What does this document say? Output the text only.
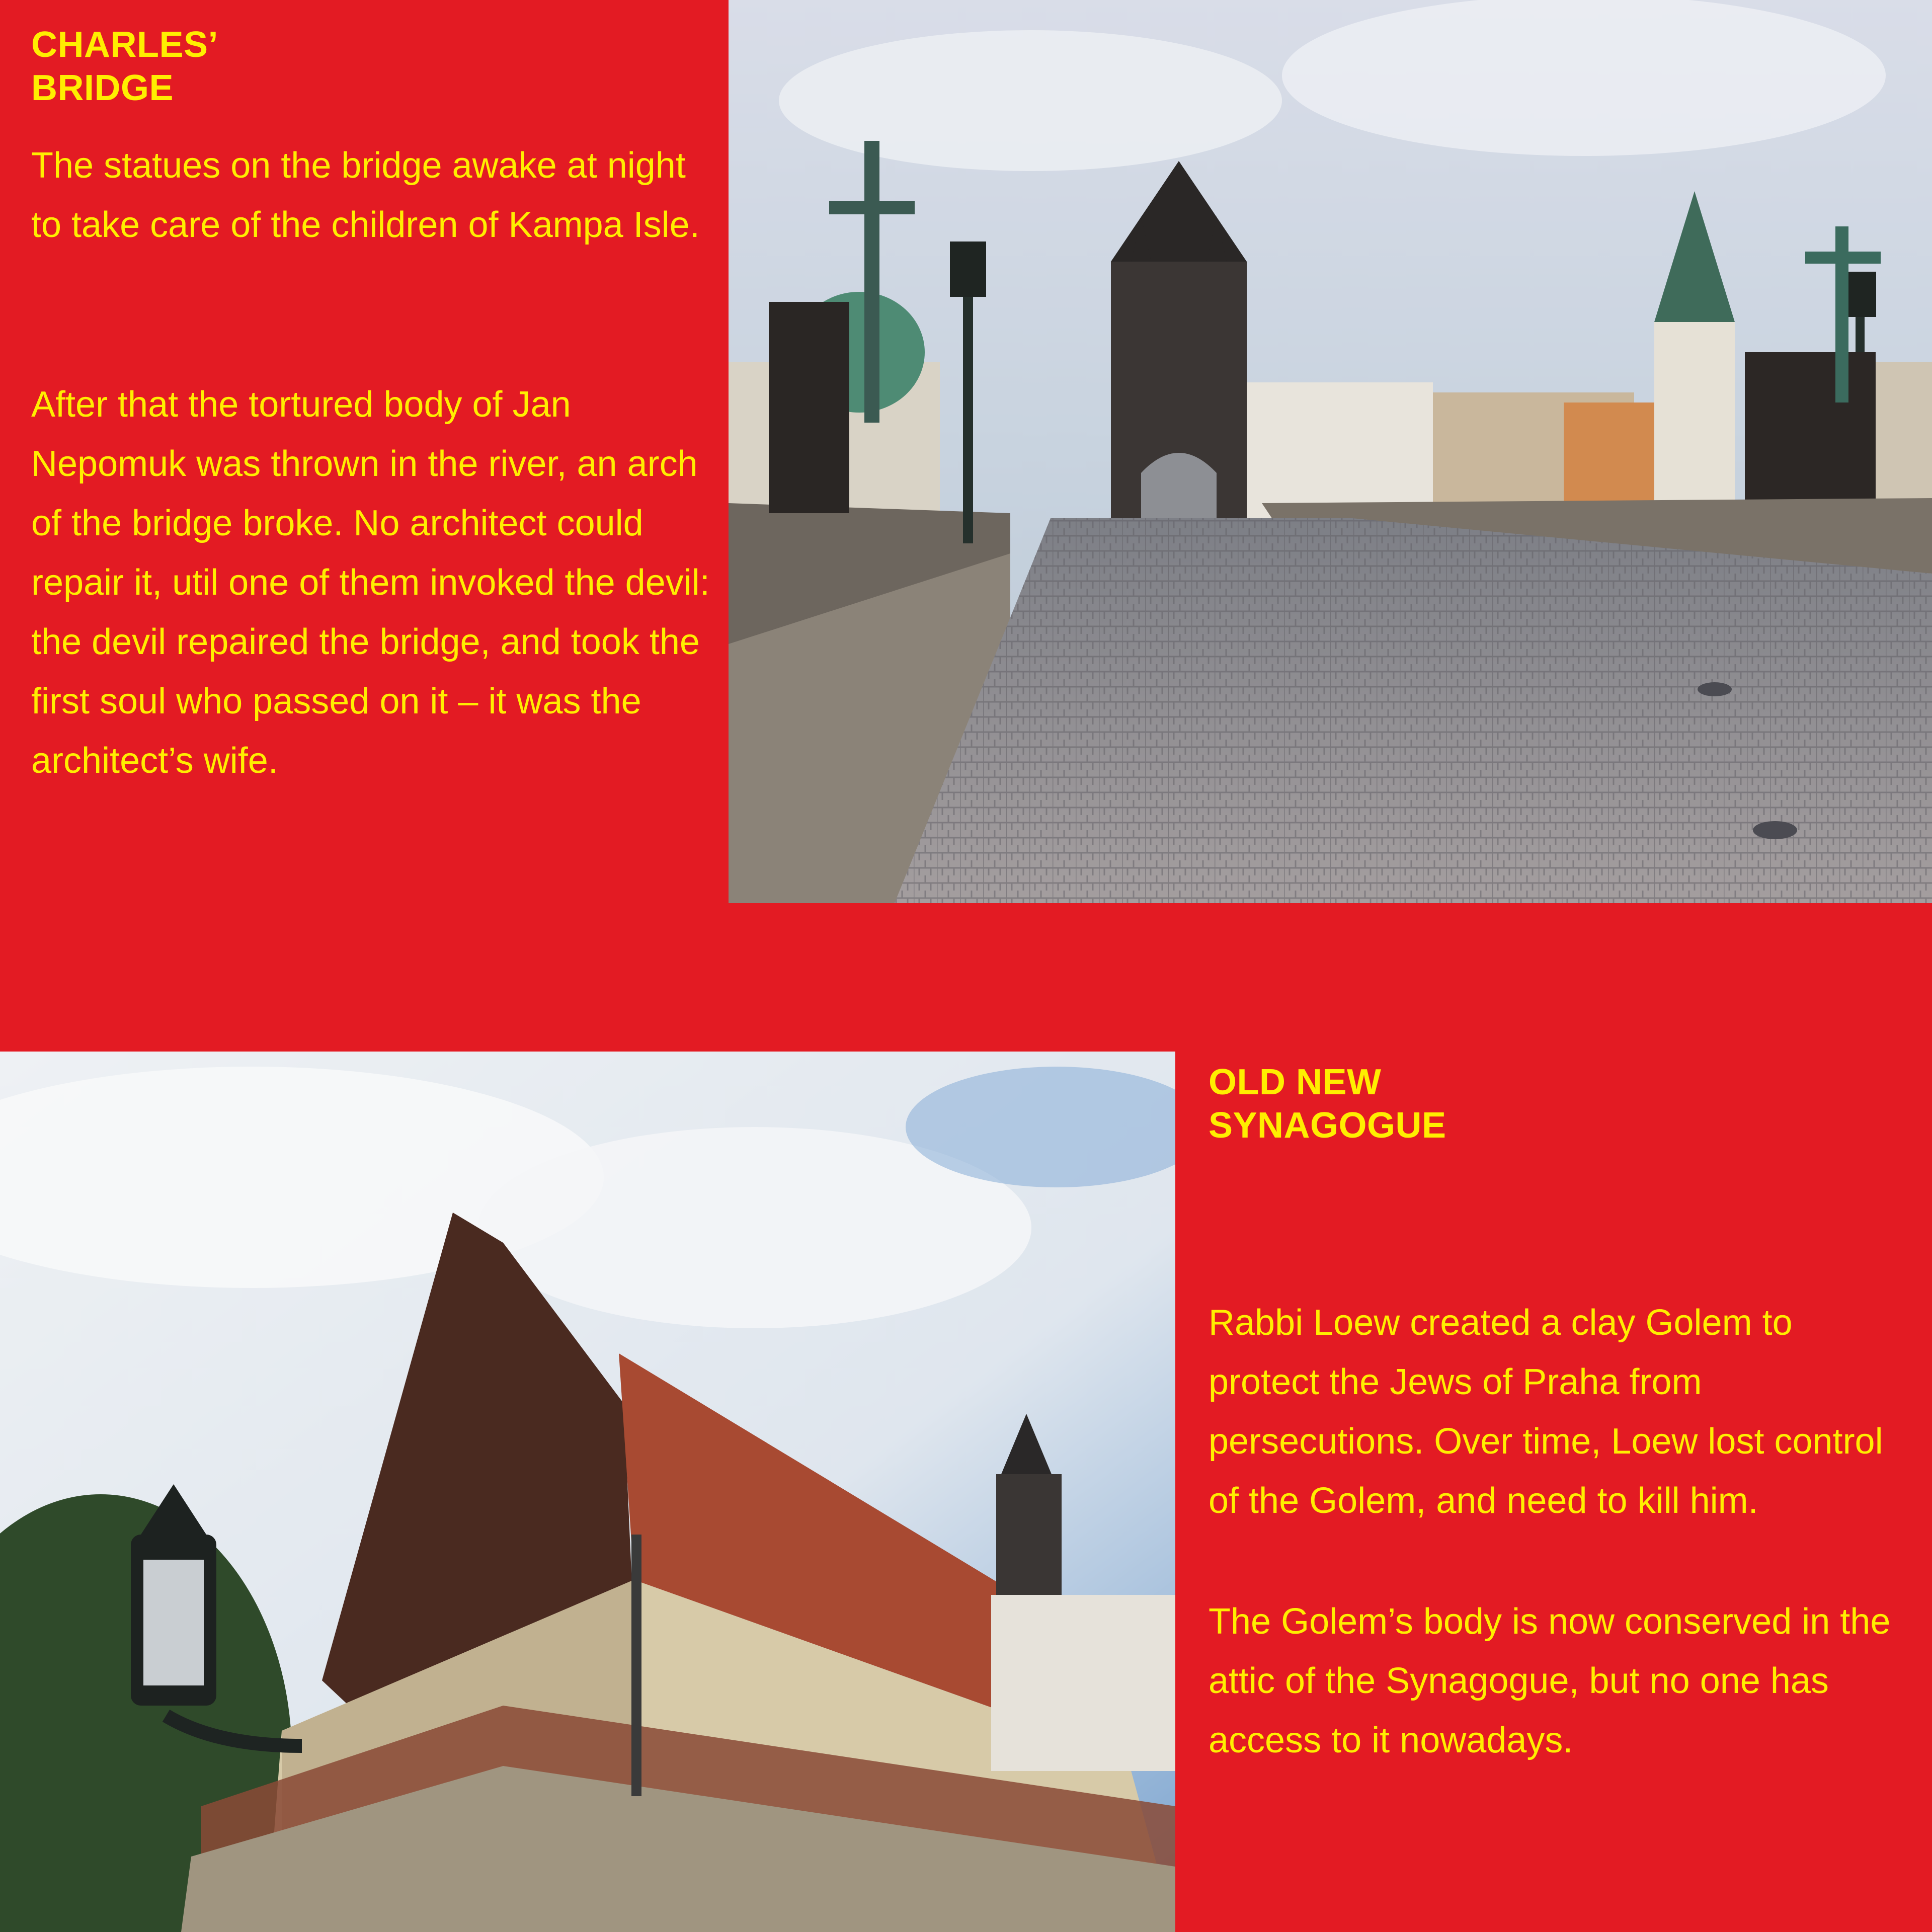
CHARLES’ BRIDGE

The statues on the bridge awake at night to take care of the children of Kampa Isle.

After that the tortured body of Jan Nepomuk was thrown in the river, an arch of the bridge broke. No architect could repair it, util one of them invoked the devil: the devil repaired the bridge, and took the first soul who passed on it – it was the architect’s wife.

OLD NEW SYNAGOGUE

Rabbi Loew created a clay Golem to protect the Jews of Praha from persecutions. Over time, Loew lost control of the Golem, and need to kill him.

The Golem’s body is now conserved in the attic of the Synagogue, but no one has access to it nowadays.
